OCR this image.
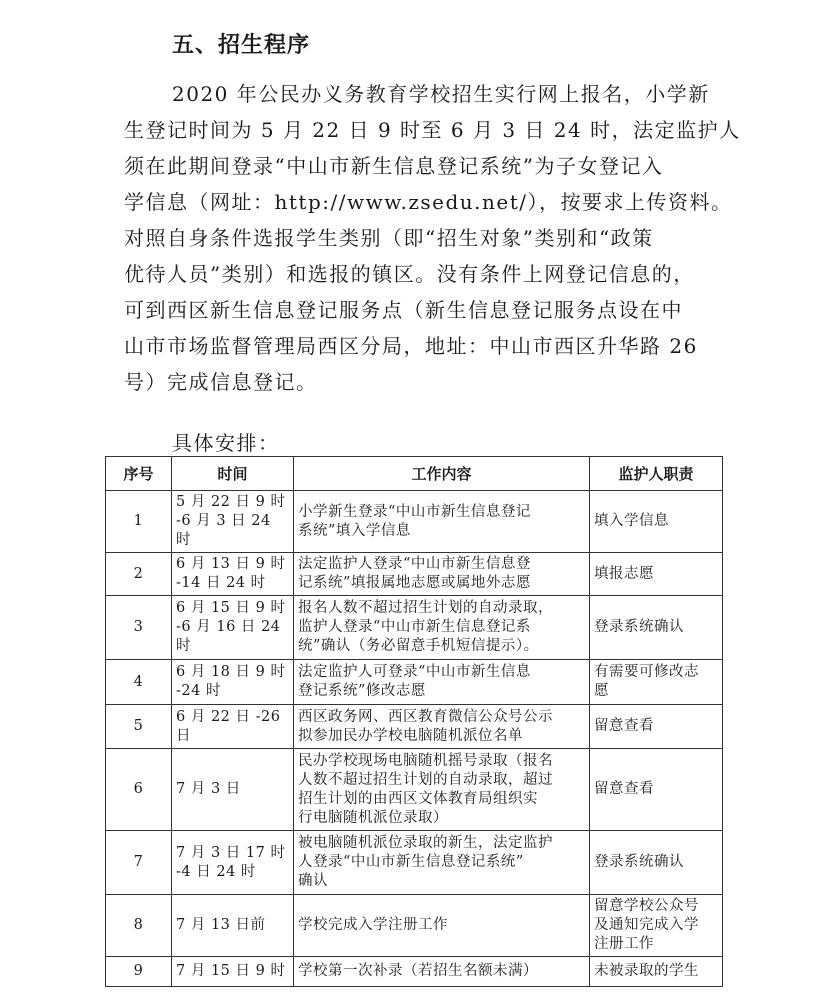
五、招生程序
2020 年公民办义务教育学校招生实行网上报名，小学新
生登记时间为 5 月 22 日 9 时至 6 月 3 日 24 时，法定监护人
须在此期间登录“中山市新生信息登记系统”为子女登记入
学信息（网址：http://www.zsedu.net/），按要求上传资料。
对照自身条件选报学生类别（即“招生对象”类别和“政策
优待人员”类别）和选报的镇区。没有条件上网登记信息的，
可到西区新生信息登记服务点（新生信息登记服务点设在中
山市市场监督管理局西区分局，地址：中山市西区升华路 26
号）完成信息登记。
具体安排：
序号	时间	工作内容	监护人职责
1	5 月 22 日 9 时
-6 月 3 日 24 时	小学新生登录“中山市新生信息登记
系统”填入学信息	填入学信息

2	6 月 13 日 9 时
-14 日 24 时	法定监护人登录“中山市新生信息登
记系统”填报属地志愿或属地外志愿	填报志愿

3	6 月 15 日 9 时
-6 月 16 日 24
时	报名人数不超过招生计划的自动录取，
监护人登录“中山市新生信息登记系
统”确认（务必留意手机短信提示）。	登录系统确认

4	6 月 18 日 9 时
-24 时	法定监护人可登录“中山市新生信息
登记系统”修改志愿	有需要可修改志
愿

5	6 月 22 日 -26
日	西区政务网、西区教育微信公众号公示
拟参加民办学校电脑随机派位名单	留意查看

6	7 月 3 日	民办学校现场电脑随机摇号录取（报名
人数不超过招生计划的自动录取，超过
招生计划的由西区文体教育局组织实
行电脑随机派位录取）	留意查看

7	7 月 3 日 17 时
-4 日 24 时	被电脑随机派位录取的新生，法定监护
人登录“中山市新生信息登记系统”
确认	登录系统确认

8	7 月 13 日前	学校完成入学注册工作	留意学校公众号
及通知完成入学
注册工作

9	7 月 15 日 9 时	学校第一次补录（若招生名额未满）	未被录取的学生
